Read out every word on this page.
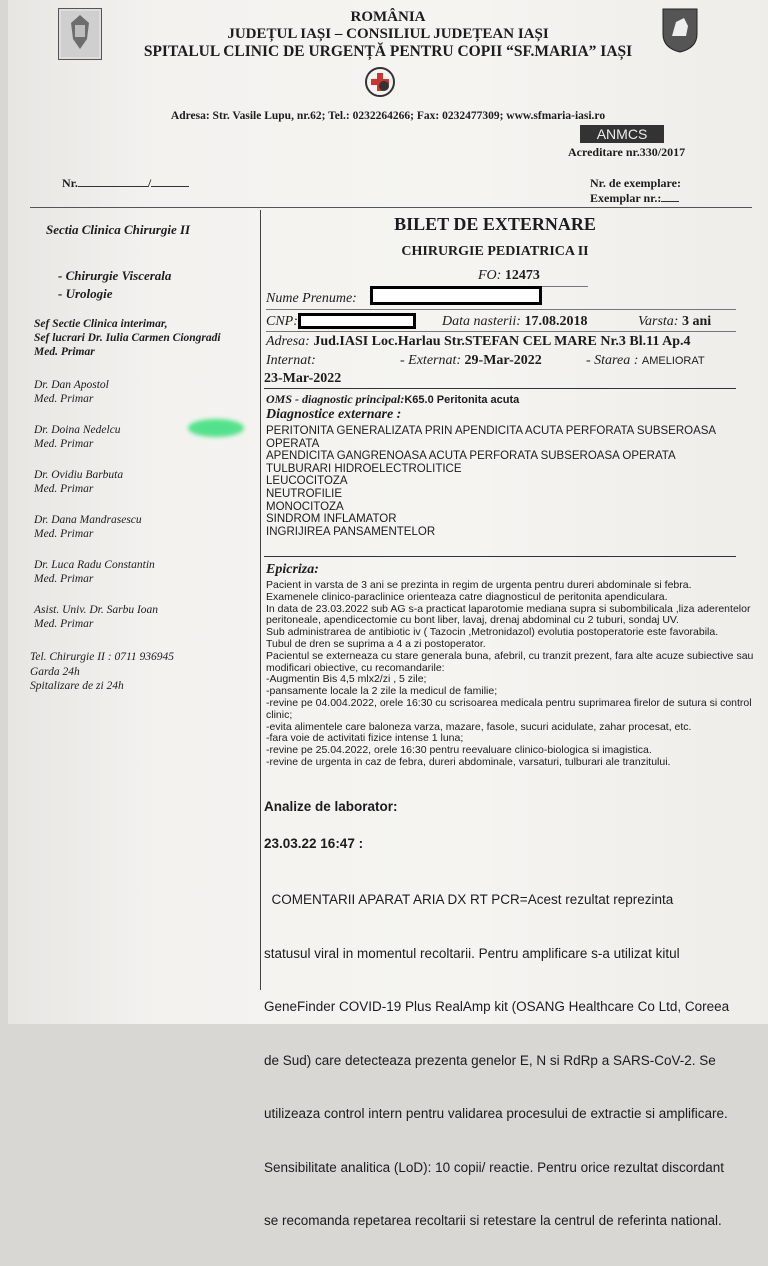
ROMÂNIA
JUDEȚUL IAȘI – CONSILIUL JUDEȚEAN IAȘI
SPITALUL CLINIC DE URGENȚĂ PENTRU COPII “SF.MARIA” IAȘI
Adresa: Str. Vasile Lupu, nr.62; Tel.: 0232264266; Fax: 0232477309; www.sfmaria-iasi.ro
ANMCS
Acreditare nr.330/2017
Nr.	/	Nr. de exemplare:
Exemplar nr.:
Sectia Clinica Chirurgie II
- Chirurgie Viscerala
- Urologie
Sef Sectie Clinica interimar,
Sef lucrari Dr. Iulia Carmen Ciongradi
Med. Primar
Dr. Dan Apostol
Med. Primar
Dr. Doina Nedelcu
Med. Primar
Dr. Ovidiu Barbuta
Med. Primar
Dr. Dana Mandrasescu
Med. Primar
Dr. Luca Radu Constantin
Med. Primar
Asist. Univ. Dr. Sarbu Ioan
Med. Primar
Tel. Chirurgie II : 0711 936945
Garda 24h
Spitalizare de zi 24h
BILET DE EXTERNARE
CHIRURGIE PEDIATRICA II
FO: 12473
Nume Prenume:
CNP:	Data nasterii: 17.08.2018	Varsta: 3 ani
Adresa: Jud.IASI Loc.Harlau Str.STEFAN CEL MARE Nr.3 Bl.11 Ap.4
Internat:	- Externat: 29-Mar-2022	- Starea : AMELIORAT
23-Mar-2022
OMS - diagnostic principal:K65.0 Peritonita acuta
Diagnostice externare :
PERITONITA GENERALIZATA PRIN APENDICITA ACUTA PERFORATA SUBSEROASA
OPERATA
APENDICITA GANGRENOASA ACUTA PERFORATA SUBSEROASA OPERATA
TULBURARI HIDROELECTROLITICE
LEUCOCITOZA
NEUTROFILIE
MONOCITOZA
SINDROM INFLAMATOR
INGRIJIREA PANSAMENTELOR
Epicriza:
Pacient in varsta de 3 ani se prezinta in regim de urgenta pentru dureri abdominale si febra.
Examenele clinico-paraclinice orienteaza catre diagnosticul de peritonita apendiculara.
In data de 23.03.2022 sub AG s-a practicat laparotomie mediana supra si subombilicala ,liza aderentelor
peritoneale, apendicectomie cu bont liber, lavaj, drenaj abdominal cu 2 tuburi, sondaj UV.
Sub administrarea de antibiotic iv ( Tazocin ,Metronidazol) evolutia postoperatorie este favorabila.
Tubul de dren se suprima a 4 a zi postoperator.
Pacientul se externeaza cu stare generala buna, afebril, cu tranzit prezent, fara alte acuze subiective sau
modificari obiective, cu recomandarile:
-Augmentin Bis 4,5 mlx2/zi , 5 zile;
-pansamente locale la 2 zile la medicul de familie;
-revine pe 04.004.2022, orele 16:30 cu scrisoarea medicala pentru suprimarea firelor de sutura si control
clinic;
-evita alimentele care baloneza varza, mazare, fasole, sucuri acidulate, zahar procesat, etc.
-fara voie de activitati fizice intense 1 luna;
-revine pe 25.04.2022, orele 16:30 pentru reevaluare clinico-biologica si imagistica.
-revine de urgenta in caz de febra, dureri abdominale, varsaturi, tulburari ale tranzitului.
Analize de laborator:
23.03.22 16:47 :

COMENTARII APARAT ARIA DX RT PCR=Acest rezultat reprezinta

statusul viral in momentul recoltarii. Pentru amplificare s-a utilizat kitul

GeneFinder COVID-19 Plus RealAmp kit (OSANG Healthcare Co Ltd, Coreea

de Sud) care detecteaza prezenta genelor E, N si RdRp a SARS-CoV-2. Se

utilizeaza control intern pentru validarea procesului de extractie si amplificare.

Sensibilitate analitica (LoD): 10 copii/ reactie. Pentru orice rezultat discordant

se recomanda repetarea recoltarii si retestare la centrul de referinta national.
